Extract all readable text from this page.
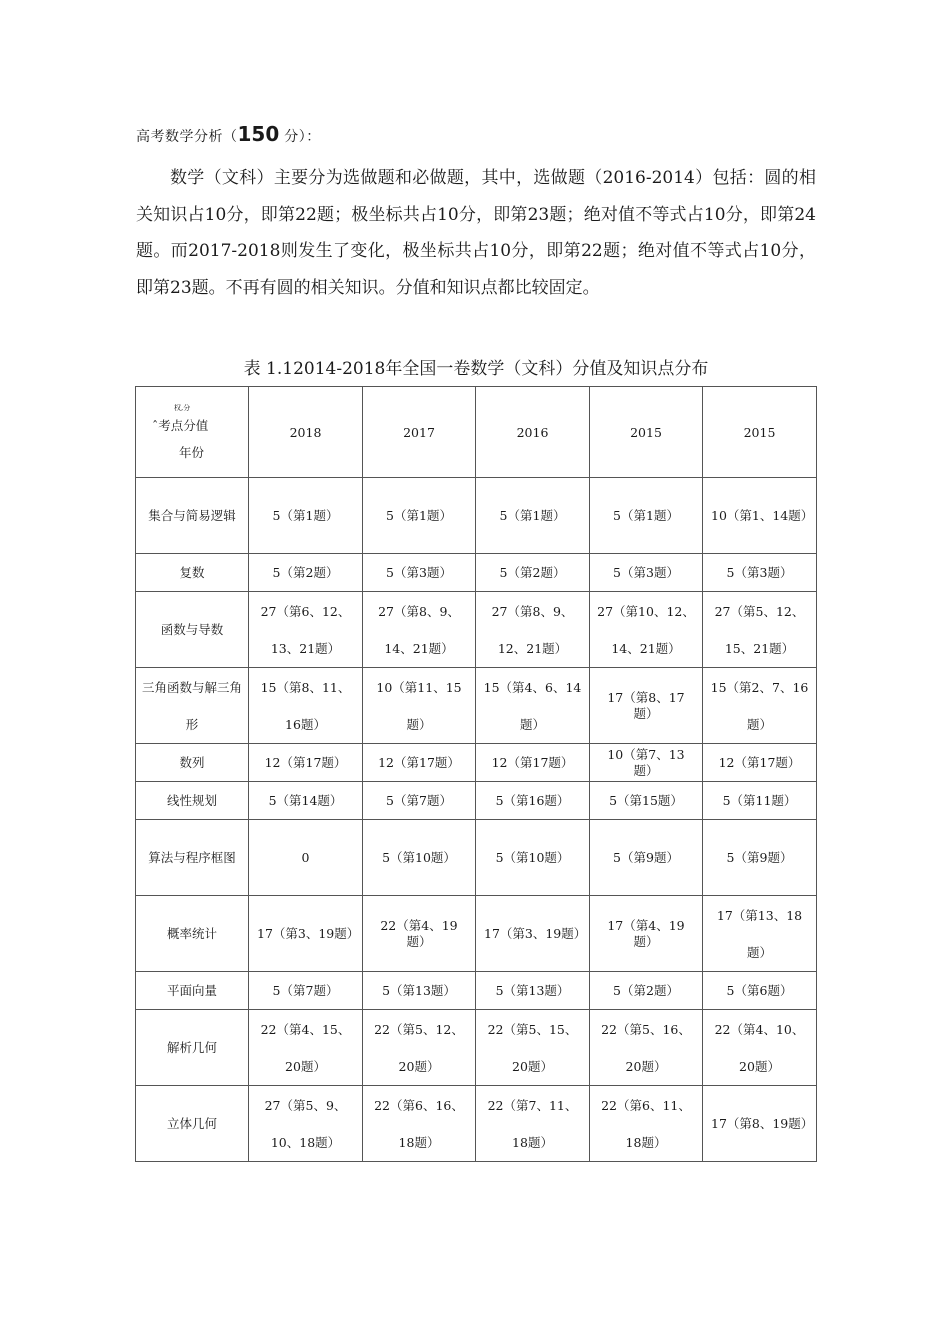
高考数学分析（150 分）：

数学（文科）主要分为选做题和必做题，其中，选做题（2016-2014）包括：圆的相关知识占10分，即第22题；极坐标共占10分，即第23题；绝对值不等式占10分，即第24题。而2017-2018则发生了变化，极坐标共占10分，即第22题；绝对值不等式占10分，即第23题。不再有圆的相关知识。分值和知识点都比较固定。

表 1.12014-2018年全国一卷数学（文科）分值及知识点分布
权,分
ˆ考点分值
年份	2018	2017	2016	2015	2015
集合与简易逻辑	5（第1题）	5（第1题）	5（第1题）	5（第1题）	10（第1、14题）
复数	5（第2题）	5（第3题）	5（第2题）	5（第3题）	5（第3题）
函数与导数	27（第6、12、13、21题）	27（第8、9、14、21题）	27（第8、9、12、21题）	27（第10、12、14、21题）	27（第5、12、15、21题）
三角函数与解三角形	15（第8、11、16题）	10（第11、15题）	15（第4、6、14题）	17（第8、17题）	15（第2、7、16题）
数列	12（第17题）	12（第17题）	12（第17题）	10（第7、13题）	12（第17题）
线性规划	5（第14题）	5（第7题）	5（第16题）	5（第15题）	5（第11题）
算法与程序框图	0	5（第10题）	5（第10题）	5（第9题）	5（第9题）
概率统计	17（第3、19题）	22（第4、19题）	17（第3、19题）	17（第4、19题）	17（第13、18题）
平面向量	5（第7题）	5（第13题）	5（第13题）	5（第2题）	5（第6题）
解析几何	22（第4、15、20题）	22（第5、12、20题）	22（第5、15、20题）	22（第5、16、20题）	22（第4、10、20题）
立体几何	27（第5、9、10、18题）	22（第6、16、18题）	22（第7、11、18题）	22（第6、11、18题）	17（第8、19题）
